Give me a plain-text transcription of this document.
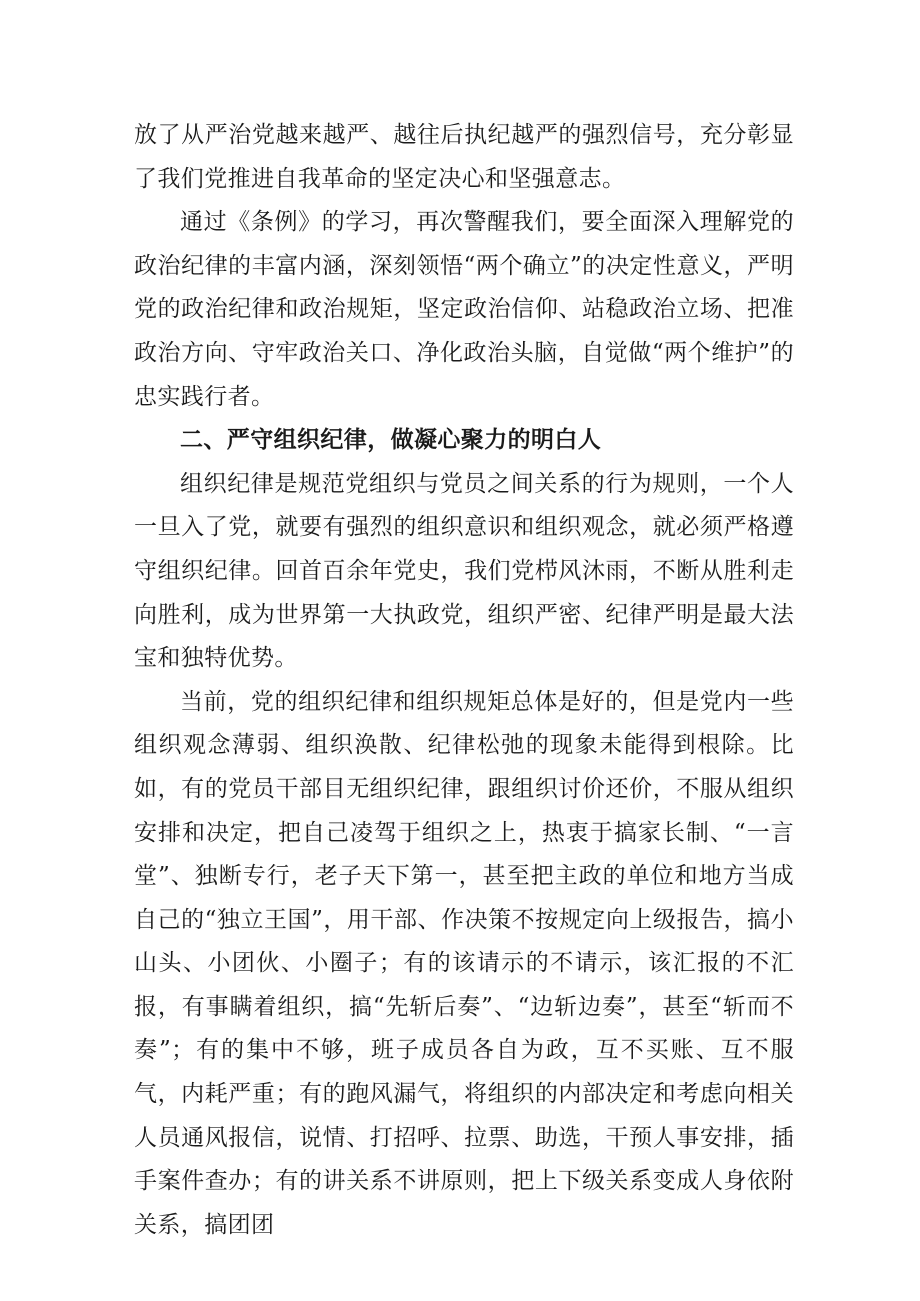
放了从严治党越来越严、越往后执纪越严的强烈信号，充分彰显了我们党推进自我革命的坚定决心和坚强意志。

通过《条例》的学习，再次警醒我们，要全面深入理解党的政治纪律的丰富内涵，深刻领悟“两个确立”的决定性意义，严明党的政治纪律和政治规矩，坚定政治信仰、站稳政治立场、把准政治方向、守牢政治关口、净化政治头脑，自觉做“两个维护”的忠实践行者。

二、严守组织纪律，做凝心聚力的明白人

组织纪律是规范党组织与党员之间关系的行为规则，一个人一旦入了党，就要有强烈的组织意识和组织观念，就必须严格遵守组织纪律。回首百余年党史，我们党栉风沐雨，不断从胜利走向胜利，成为世界第一大执政党，组织严密、纪律严明是最大法宝和独特优势。

当前，党的组织纪律和组织规矩总体是好的，但是党内一些组织观念薄弱、组织涣散、纪律松弛的现象未能得到根除。比如，有的党员干部目无组织纪律，跟组织讨价还价，不服从组织安排和决定，把自己凌驾于组织之上，热衷于搞家长制、“一言堂”、独断专行，老子天下第一，甚至把主政的单位和地方当成自己的“独立王国”，用干部、作决策不按规定向上级报告，搞小山头、小团伙、小圈子；有的该请示的不请示，该汇报的不汇报，有事瞒着组织，搞“先斩后奏”、“边斩边奏”，甚至“斩而不奏”；有的集中不够，班子成员各自为政，互不买账、互不服气，内耗严重；有的跑风漏气，将组织的内部决定和考虑向相关人员通风报信，说情、打招呼、拉票、助选，干预人事安排，插手案件查办；有的讲关系不讲原则，把上下级关系变成人身依附关系，搞团团
